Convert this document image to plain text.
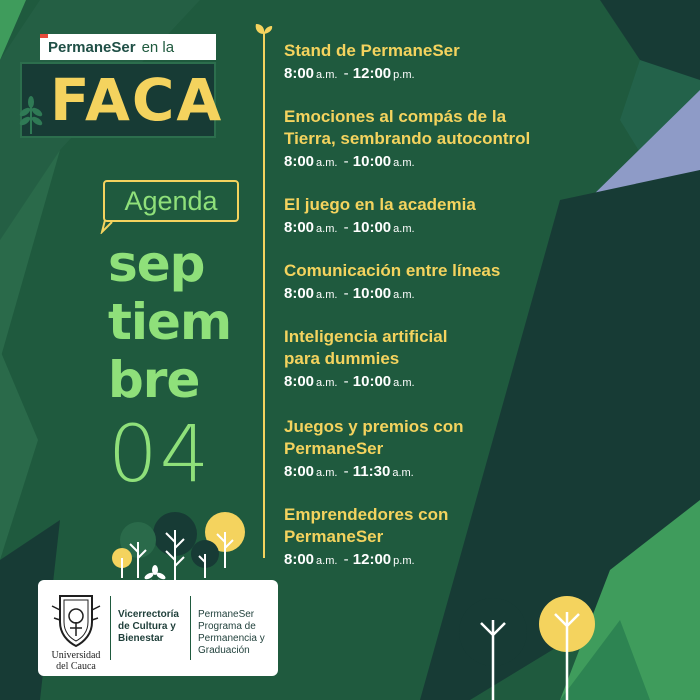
PermaneSer en la
FACA
Agenda
sep
tiem
bre
04
Stand de PermaneSer
8:00 a.m. - 12:00 p.m.
Emociones al compás de la
Tierra, sembrando autocontrol
8:00 a.m. - 10:00 a.m.
El juego en la academia
8:00 a.m. - 10:00 a.m.
Comunicación entre líneas
8:00 a.m. - 10:00 a.m.
Inteligencia artificial
para dummies
8:00 a.m. - 10:00 a.m.
Juegos y premios con
PermaneSer
8:00 a.m. - 11:30 a.m.
Emprendedores con
PermaneSer
8:00 a.m. - 12:00 p.m.
Universidad del Cauca
Vicerrectoría
de Cultura y
Bienestar
PermaneSer
Programa de
Permanencia y
Graduación
